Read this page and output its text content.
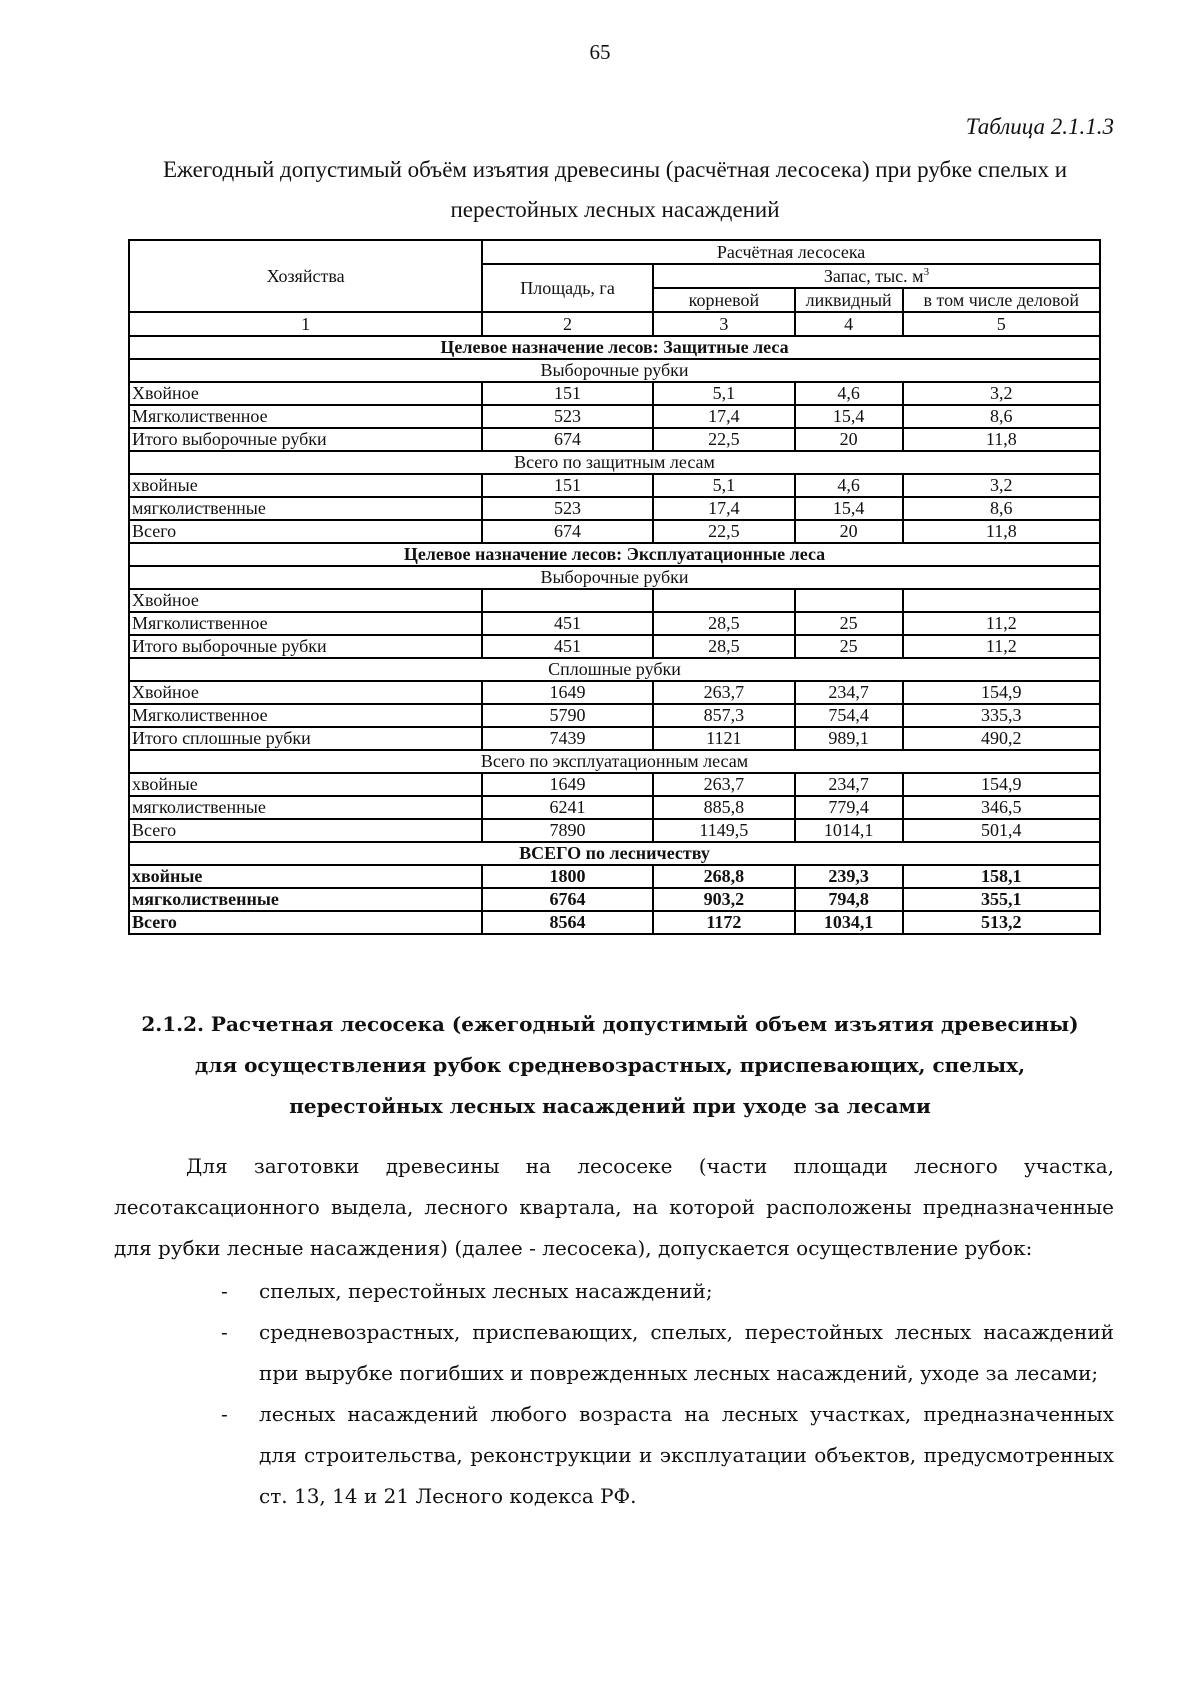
65
Таблица 2.1.1.3
Ежегодный допустимый объём изъятия древесины (расчётная лесосека) при рубке спелых и перестойных лесных насаждений
Хозяйства	Расчётная лесосека			
	Площадь, га	Запас, тыс. $м^3$
		корневой	ликвидный	в том числе деловой
1	2	3	4	5
Целевое назначение лесов: Защитные леса				
Выборочные рубки				
Хвойное	151	5,1	4,6	3,2
Мягколиственное	523	17,4	15,4	8,6
Итого выборочные рубки	674	22,5	20	11,8
Всего по защитным лесам				
хвойные	151	5,1	4,6	3,2
мягколиственные	523	17,4	15,4	8,6
Всего	674	22,5	20	11,8
Целевое назначение лесов: Эксплуатационные леса				
Выборочные рубки				
Хвойное				
Мягколиственное	451	28,5	25	11,2
Итого выборочные рубки	451	28,5	25	11,2
Сплошные рубки				
Хвойное	1649	263,7	234,7	154,9
Мягколиственное	5790	857,3	754,4	335,3
Итого сплошные рубки	7439	1121	989,1	490,2
Всего по эксплуатационным лесам				
хвойные	1649	263,7	234,7	154,9
мягколиственные	6241	885,8	779,4	346,5
Всего	7890	1149,5	1014,1	501,4
ВСЕГО по лесничеству				
хвойные	1800	268,8	239,3	158,1
мягколиственные	6764	903,2	794,8	355,1
Всего	8564	1172	1034,1	513,2
2.1.2. Расчетная лесосека (ежегодный допустимый объем изъятия древесины) для осуществления рубок средневозрастных, приспевающих, спелых, перестойных лесных насаждений при уходе за лесами
Для заготовки древесины на лесосеке (части площади лесного участка, лесотаксационного выдела, лесного квартала, на которой расположены предназначенные для рубки лесные насаждения) (далее - лесосека), допускается осуществление рубок:
- спелых, перестойных лесных насаждений;
- средневозрастных, приспевающих, спелых, перестойных лесных насаждений при вырубке погибших и поврежденных лесных насаждений, уходе за лесами;
- лесных насаждений любого возраста на лесных участках, предназначенных для строительства, реконструкции и эксплуатации объектов, предусмотренных ст. 13, 14 и 21 Лесного кодекса РФ.
